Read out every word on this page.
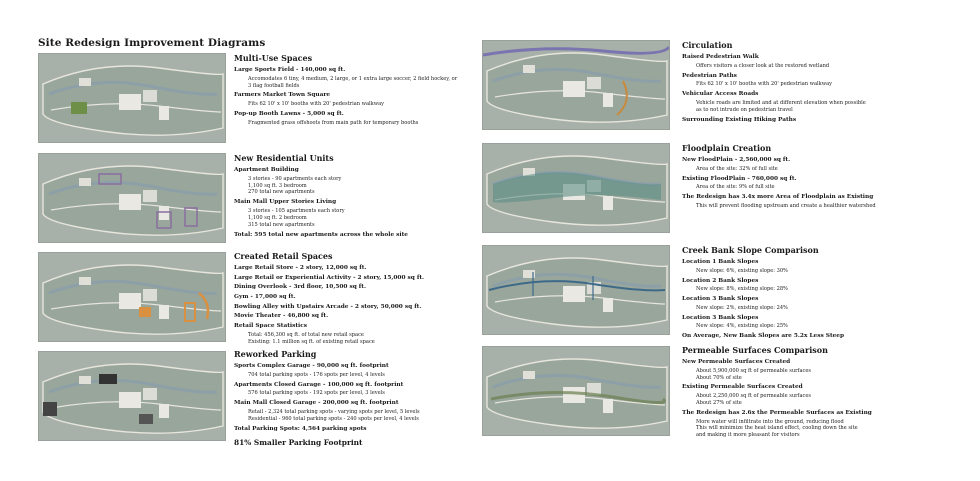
Site Redesign Improvement Diagrams
Multi-Use Spaces
Large Sports Field - 140,000 sq ft.
Accomodates 6 tiny, 4 medium, 2 large, or 1 extra large soccer, 2 field hockey, or 3 flag football fields
Farmers Market Town Square
Fits 62 10' x 10' booths with 20' pedestrian walkway
Pop-up Booth Lawns - 5,000 sq ft.
Fragmented grass offshoots from main path for temporary booths
New Residential Units
Apartment Building
3 stories - 90 apartments each story
1,100 sq ft. 3 bedroom
270 total new apartments
Main Mall Upper Stories Living
3 stories - 105 apartments each story
1,100 sq ft. 2 bedroom
315 total new apartments
Total: 595 total new apartments across the whole site
Created Retail Spaces
Large Retail Store - 2 story, 12,000 sq ft.
Large Retail or Experiential Activity - 2 story, 15,000 sq ft.
Dining Overlook - 3rd floor, 10,500 sq ft.
Gym - 17,000 sq ft.
Bowling Alley with Upstairs Arcade - 2 story, 50,000 sq ft.
Movie Theater - 46,800 sq ft.
Retail Space Statistics
Total: 456,300 sq ft. of total new retail space
Existing: 1.1 million sq ft. of existing retail space
Reworked Parking
Sports Complex Garage - 90,000 sq ft. footprint
704 total parking spots - 176 spots per level, 4 levels
Apartments Closed Garage - 100,000 sq ft. footprint
576 total parking spots - 192 spots per level, 3 levels
Main Mall Closed Garage - 200,000 sq ft. footprint
Retail - 2,324 total parking spots - varying spots per level, 5 levels
Residential - 960 total parking spots - 240 spots per level, 4 levels
Total Parking Spots: 4,564 parking spots
81% Smaller Parking Footprint
Circulation
Raised Pedestrian Walk
Offers visitors a closer look at the restored wetland
Pedestrian Paths
Fits 62 10' x 10' booths with 20' pedestrian walkway
Vehicular Access Roads
Vehicle roads are limited and at different elevation when possible
as to not intrude on pedestrian travel
Surrounding Existing Hiking Paths
Floodplain Creation
New FloodPlain - 2,560,000 sq ft.
Area of the site: 32% of full site
Existing FloodPlain - 760,000 sq ft.
Area of the site: 9% of full site
The Redesign has 3.4x more Area of Floodplain as Existing
This will prevent flooding upstream and create a healthier watershed
Creek Bank Slope Comparison
Location 1 Bank Slopes
New slope: 6%, existing slope: 30%
Location 2 Bank Slopes
New slope: 8%, existing slope: 28%
Location 3 Bank Slopes
New slope: 2%, existing slope: 24%
Location 3 Bank Slopes
New slope: 4%, existing slope: 25%
On Average, New Bank Slopes are 5.2x Less Steep
Permeable Surfaces Comparison
New Permeable Surfaces Created
About 5,900,000 sq ft of permeable surfaces
About 70% of site
Existing Permeable Surfaces Created
About 2,250,000 sq ft of permeable surfaces
About 27% of site
The Redesign has 2.6x the Permeable Surfaces as Existing
More water will infiltrate into the ground, reducing flood
This will minimize the heat island effect, cooling down the site
and making it more pleasant for visitors
